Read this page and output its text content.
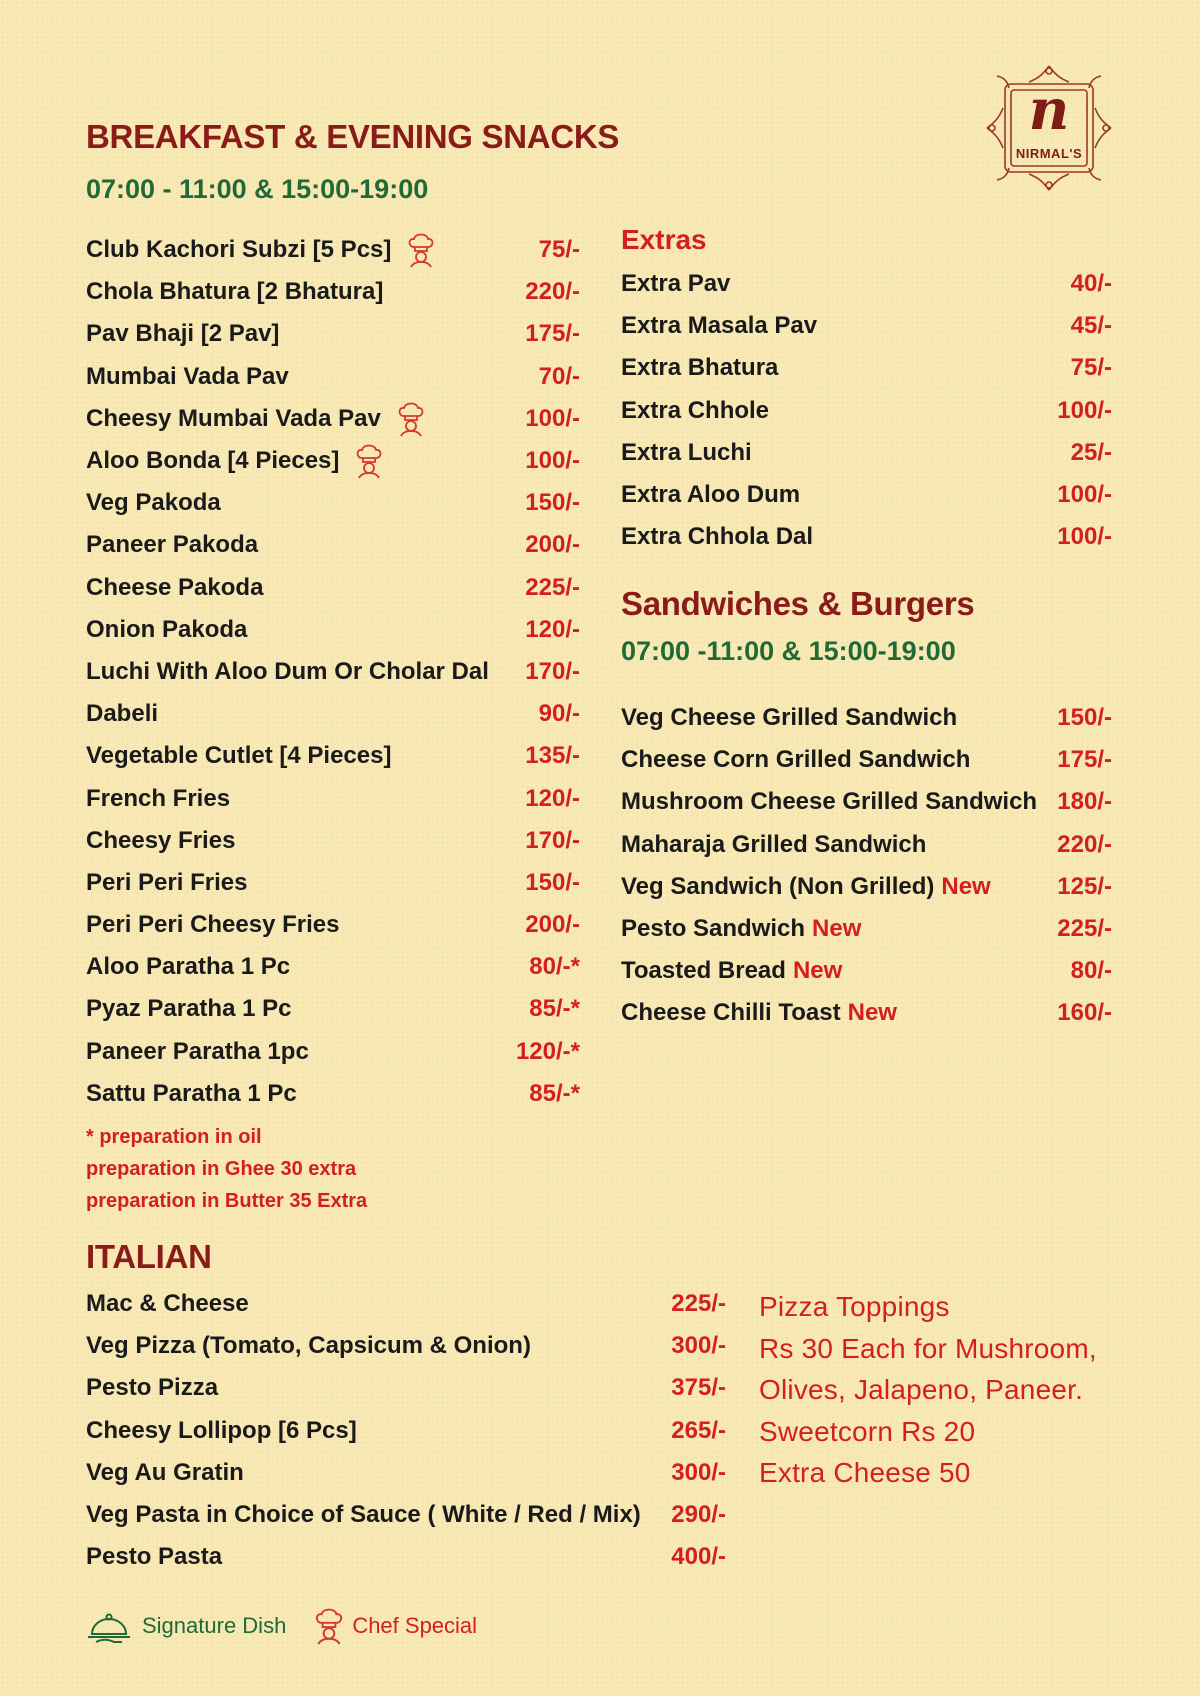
n
NIRMAL'S
BREAKFAST & EVENING SNACKS
07:00 - 11:00 & 15:00-19:00
Club Kachori Subzi [5 Pcs]	75/-
Chola Bhatura [2 Bhatura]	220/-
Pav Bhaji [2 Pav]	175/-
Mumbai Vada Pav	70/-
Cheesy Mumbai Vada Pav	100/-
Aloo Bonda [4 Pieces]	100/-
Veg Pakoda	150/-
Paneer Pakoda	200/-
Cheese Pakoda	225/-
Onion Pakoda	120/-
Luchi With Aloo Dum Or Cholar Dal 170/-
Dabeli	90/-
Vegetable Cutlet [4 Pieces]	135/-
French Fries	120/-
Cheesy Fries	170/-
Peri Peri Fries	150/-
Peri Peri Cheesy Fries	200/-
Aloo Paratha 1 Pc	80/-*
Pyaz Paratha 1 Pc	85/-*
Paneer Paratha 1pc	120/-*
Sattu Paratha 1 Pc	85/-*
* preparation in oil
preparation in Ghee 30 extra
preparation in Butter 35 Extra
Extras
Extra Pav	40/-
Extra Masala Pav	45/-
Extra Bhatura	75/-
Extra Chhole	100/-
Extra Luchi	25/-
Extra Aloo Dum	100/-
Extra Chhola Dal	100/-
Sandwiches & Burgers
07:00 -11:00 & 15:00-19:00
Veg Cheese Grilled Sandwich	150/-
Cheese Corn Grilled Sandwich	175/-
Mushroom Cheese Grilled Sandwich 180/-
Maharaja Grilled Sandwich	220/-
Veg Sandwich (Non Grilled) New	125/-
Pesto Sandwich New	225/-
Toasted Bread New	80/-
Cheese Chilli Toast New	160/-
ITALIAN
Mac & Cheese	225/-
Veg Pizza (Tomato, Capsicum & Onion)	300/-
Pesto Pizza	375/-
Cheesy Lollipop [6 Pcs]	265/-
Veg Au Gratin	300/-
Veg Pasta in Choice of Sauce ( White / Red / Mix) 290/-
Pesto Pasta	400/-
Pizza Toppings
Rs 30 Each for Mushroom,
Olives, Jalapeno, Paneer.
Sweetcorn Rs 20
Extra Cheese 50
Signature Dish	Chef Special
